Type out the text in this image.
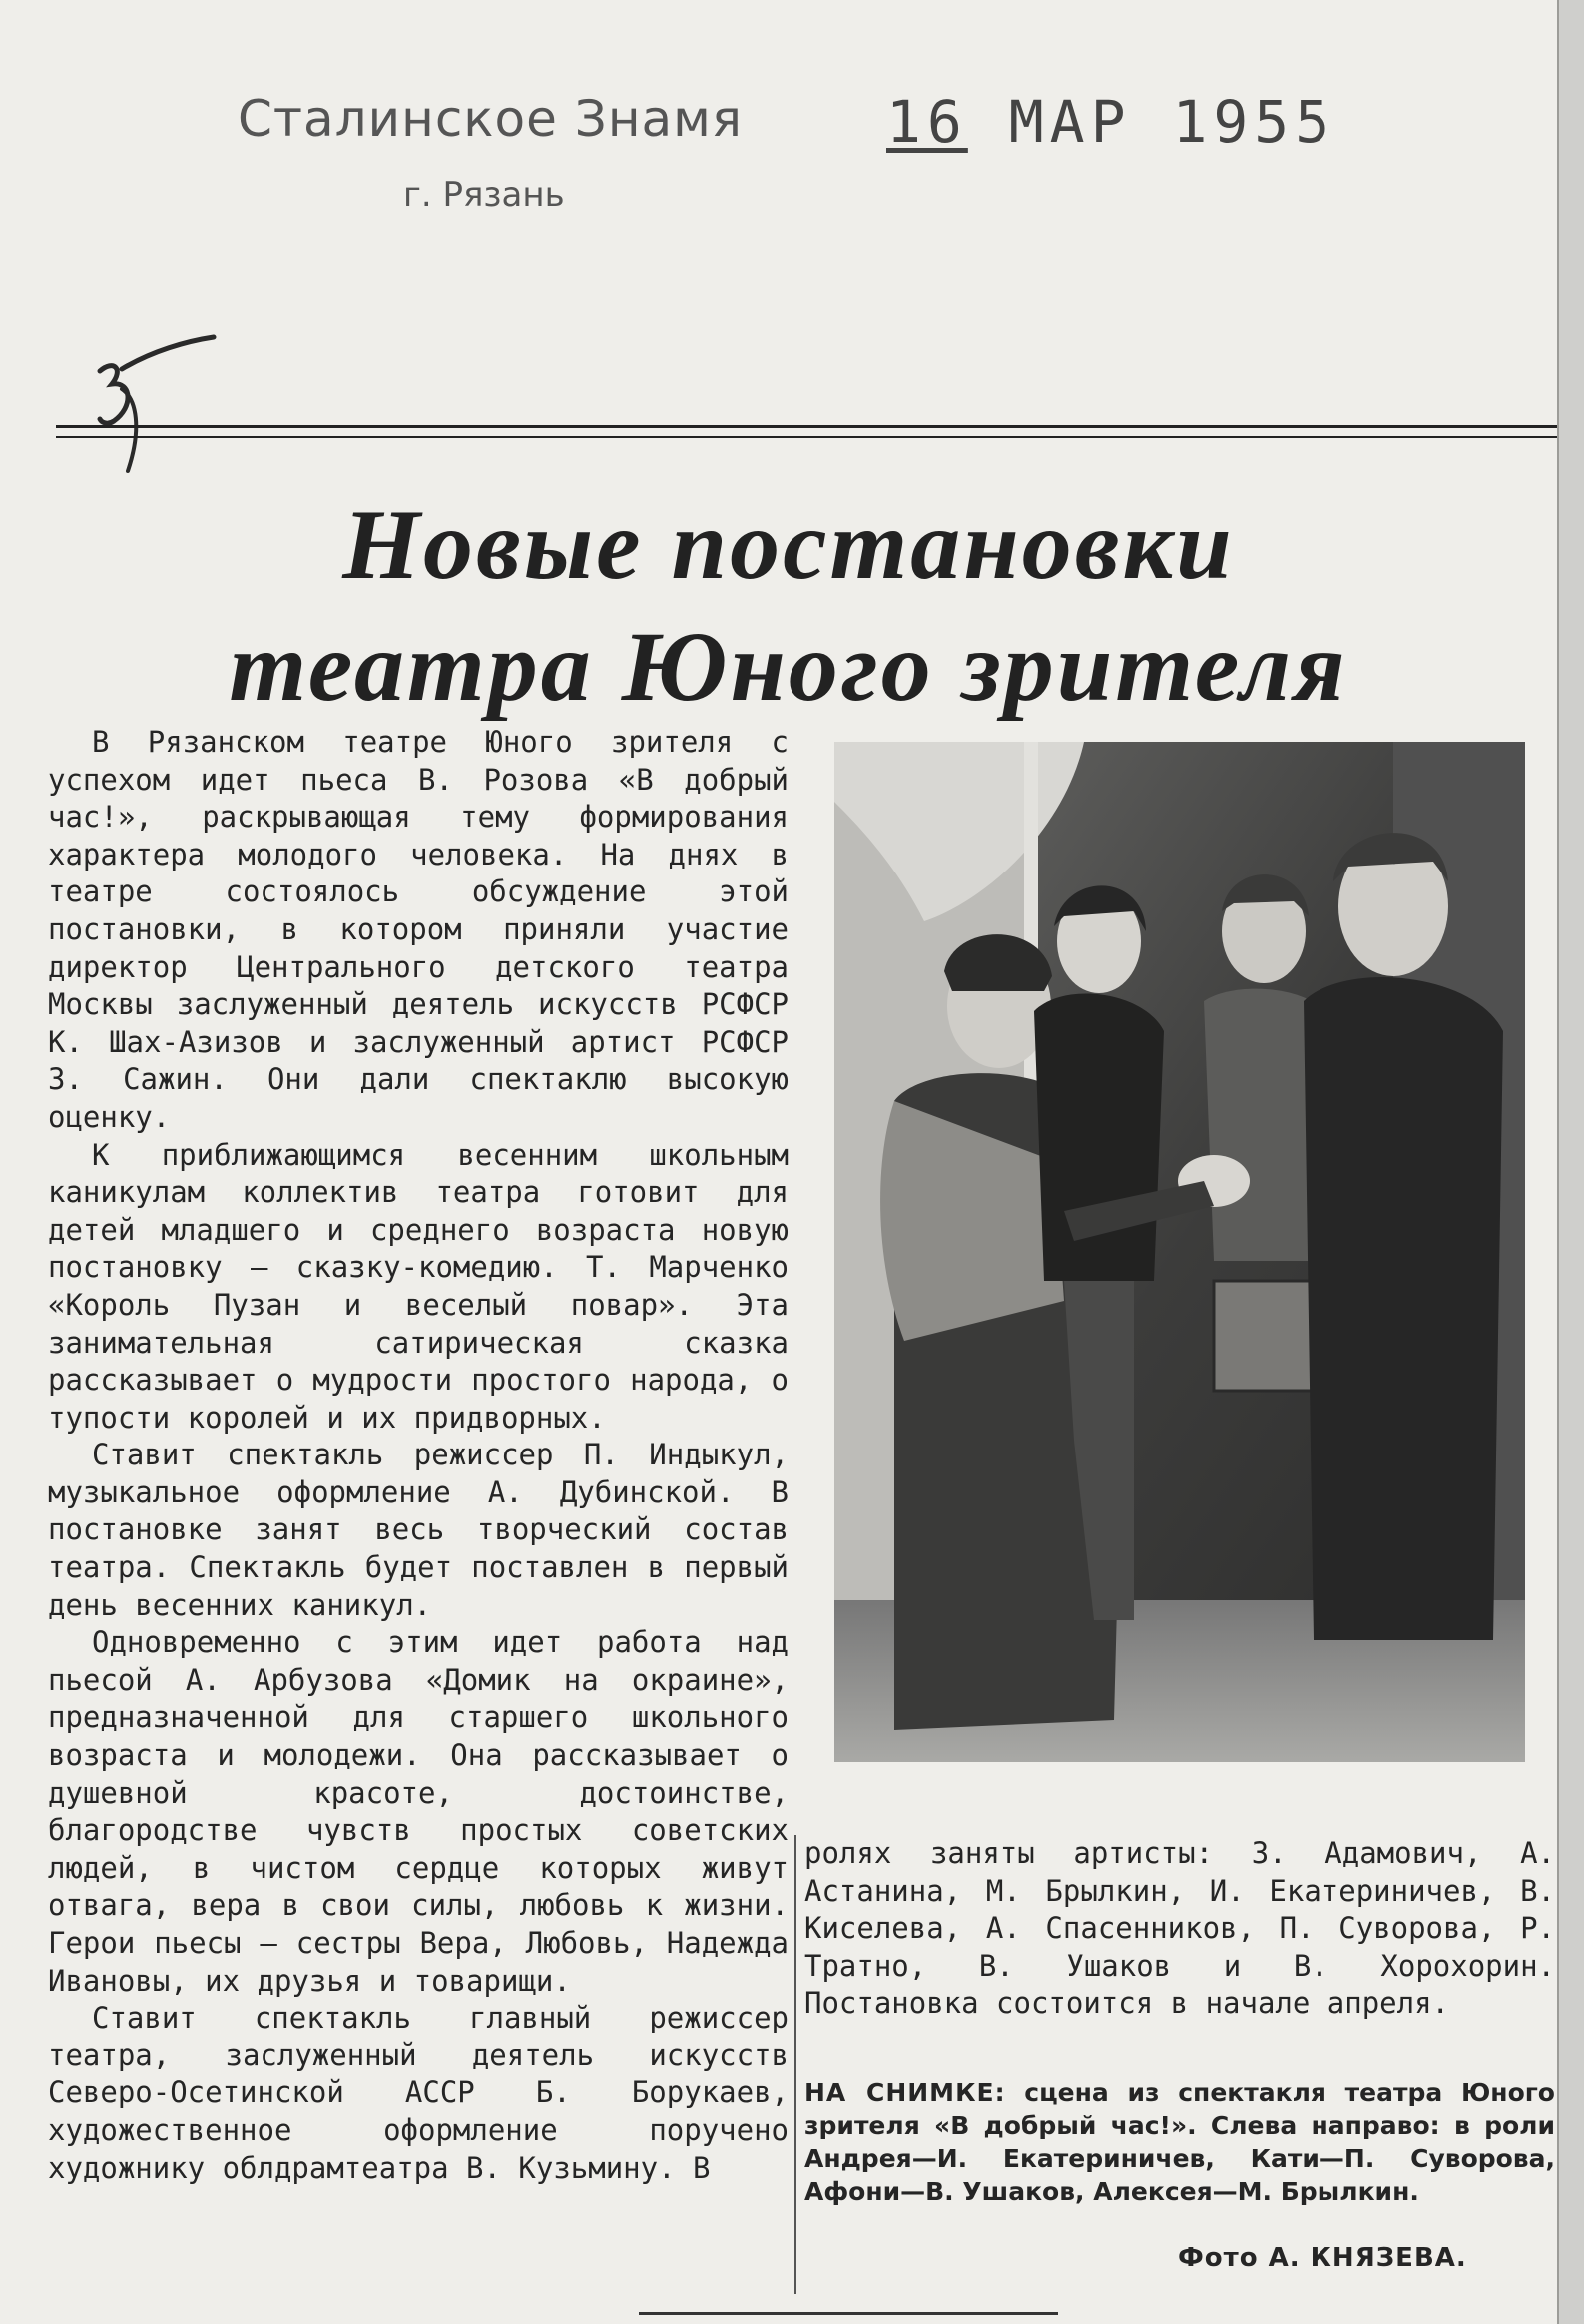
Сталинское Знамя
г. Рязань
16 МАР 1955
Новые постановки
театра Юного зрителя

В Рязанском театре Юного зрителя с успехом идет пьеса В. Розова «В добрый час!», раскрывающая тему формирования характера молодого человека. На днях в театре состоялось обсуждение этой постановки, в котором приняли участие директор Центрального детского театра Москвы заслуженный деятель искусств РСФСР К. Шах-Азизов и заслуженный артист РСФСР З. Сажин. Они дали спектаклю высокую оценку.

К приближающимся весенним школьным каникулам коллектив театра готовит для детей младшего и среднего возраста новую постановку — сказку-комедию. Т. Марченко «Король Пузан и веселый повар». Эта занимательная сатирическая сказка рассказывает о мудрости простого народа, о тупости королей и их придворных.

Ставит спектакль режиссер П. Индыкул, музыкальное оформление А. Дубинской. В постановке занят весь творческий состав театра. Спектакль будет поставлен в первый день весенних каникул.

Одновременно с этим идет работа над пьесой А. Арбузова «Домик на окраине», предназначенной для старшего школьного возраста и молодежи. Она рассказывает о душевной красоте, достоинстве, благородстве чувств простых советских людей, в чистом сердце которых живут отвага, вера в свои силы, любовь к жизни. Герои пьесы — сестры Вера, Любовь, Надежда Ивановы, их друзья и товарищи.

Ставит спектакль главный режиссер театра, заслуженный деятель искусств Северо-Осетинской АССР Б. Борукаев, художественное оформление поручено художнику облдрамтеатра В. Кузьмину. В

ролях заняты артисты: З. Адамович, А. Астанина, М. Брылкин, И. Екатериничев, В. Киселева, А. Спасенников, П. Суворова, Р. Тратно, В. Ушаков и В. Хорохорин. Постановка состоится в начале апреля.

НА СНИМКЕ: сцена из спектакля театра Юного зрителя «В добрый час!». Слева направо: в роли Андрея—И. Екатериничев, Кати—П. Суворова, Афони—В. Ушаков, Алексея—М. Брылкин.
Фото А. КНЯЗЕВА.
